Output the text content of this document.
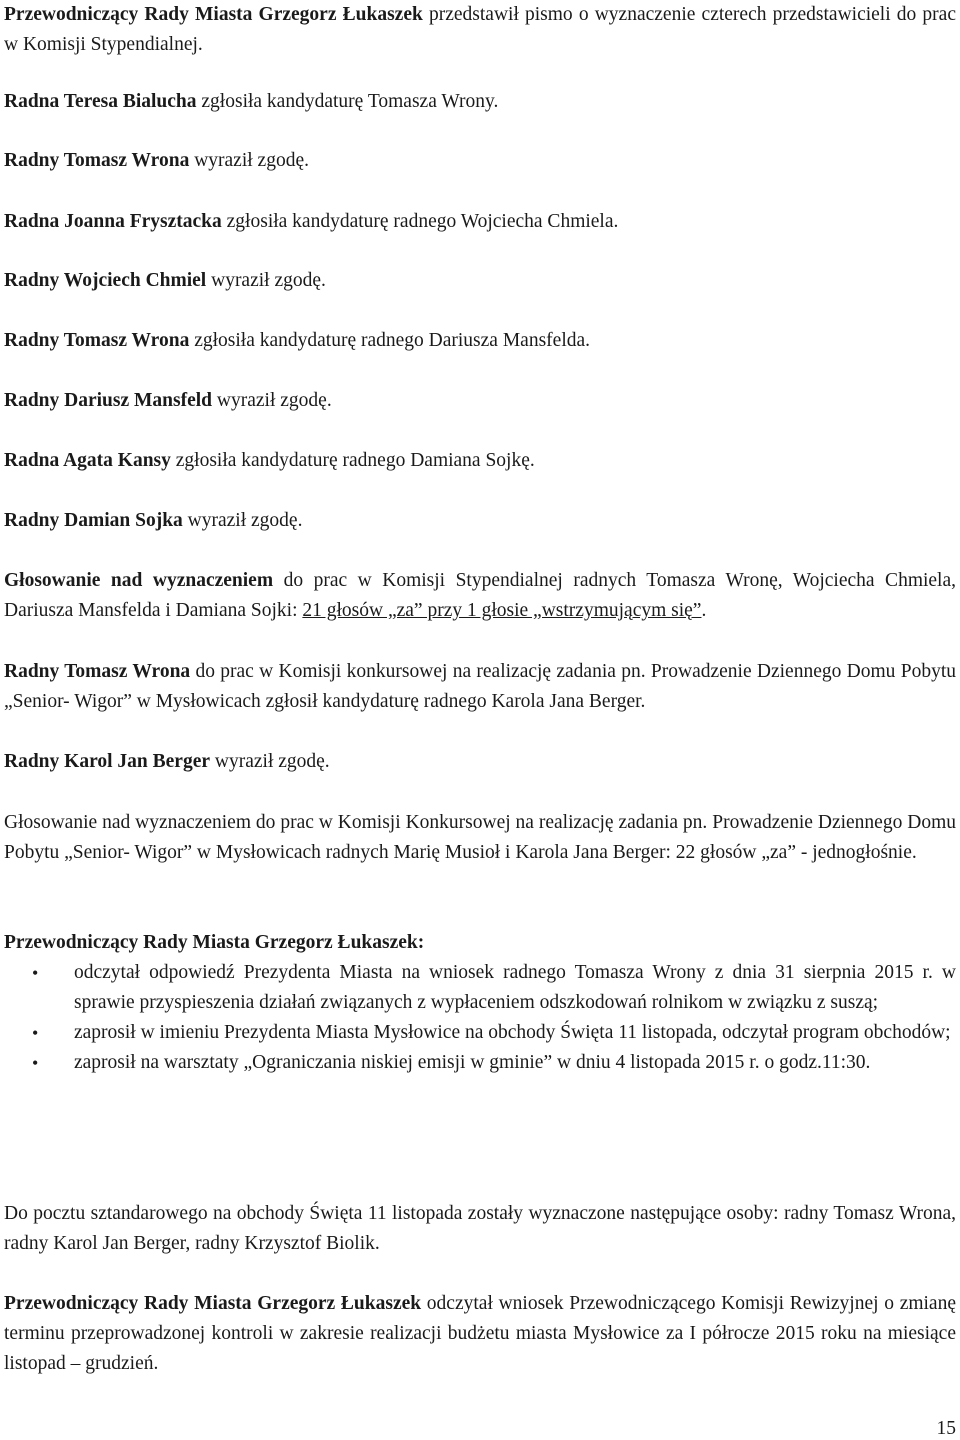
Przewodniczący Rady Miasta Grzegorz Łukaszek przedstawił pismo o wyznaczenie czterech przedstawicieli do prac w Komisji Stypendialnej.

Radna Teresa Bialucha zgłosiła kandydaturę Tomasza Wrony.

Radny Tomasz Wrona wyraził zgodę.

Radna Joanna Frysztacka zgłosiła kandydaturę radnego Wojciecha Chmiela.

Radny Wojciech Chmiel wyraził zgodę.

Radny Tomasz Wrona zgłosiła kandydaturę radnego Dariusza Mansfelda.

Radny Dariusz Mansfeld wyraził zgodę.

Radna Agata Kansy zgłosiła kandydaturę radnego Damiana Sojkę.

Radny Damian Sojka wyraził zgodę.

Głosowanie nad wyznaczeniem do prac w Komisji Stypendialnej radnych Tomasza Wronę, Wojciecha Chmiela, Dariusza Mansfelda i Damiana Sojki: 21 głosów „za” przy 1 głosie „wstrzymującym się”.

Radny Tomasz Wrona do prac w Komisji konkursowej na realizację zadania pn. Prowadzenie Dziennego Domu Pobytu „Senior- Wigor” w Mysłowicach zgłosił kandydaturę radnego Karola Jana Berger.

Radny Karol Jan Berger wyraził zgodę.

Głosowanie nad wyznaczeniem do prac w Komisji Konkursowej na realizację zadania pn. Prowadzenie Dziennego Domu Pobytu „Senior- Wigor” w Mysłowicach radnych Marię Musioł i Karola Jana Berger: 22 głosów „za” - jednogłośnie.

Przewodniczący Rady Miasta Grzegorz Łukaszek:

• odczytał odpowiedź Prezydenta Miasta na wniosek radnego Tomasza Wrony z dnia 31 sierpnia 2015 r. w sprawie przyspieszenia działań związanych z wypłaceniem odszkodowań rolnikom w związku z suszą;
• zaprosił w imieniu Prezydenta Miasta Mysłowice na obchody Święta 11 listopada, odczytał program obchodów;
• zaprosił na warsztaty „Ograniczania niskiej emisji w gminie” w dniu 4 listopada 2015 r. o godz.11:30.

Do pocztu sztandarowego na obchody Święta 11 listopada zostały wyznaczone następujące osoby: radny Tomasz Wrona, radny Karol Jan Berger, radny Krzysztof Biolik.

Przewodniczący Rady Miasta Grzegorz Łukaszek odczytał wniosek Przewodniczącego Komisji Rewizyjnej o zmianę terminu przeprowadzonej kontroli w zakresie realizacji budżetu miasta Mysłowice za I półrocze 2015 roku na miesiące listopad – grudzień.

15
